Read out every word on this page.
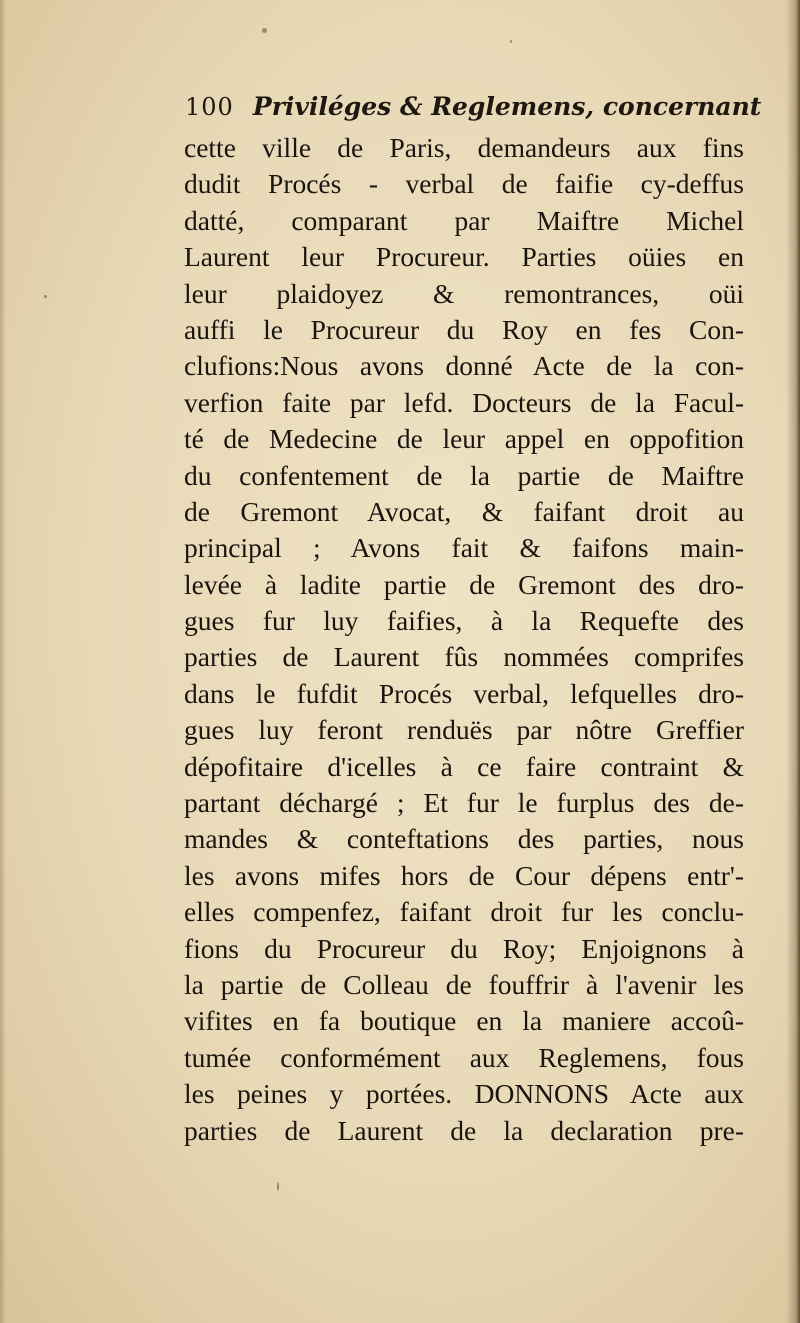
100 Priviléges & Reglemens, concernant
cette ville de Paris, demandeurs aux fins
dudit Procés - verbal de faifie cy-deffus
datté, comparant par Maiftre Michel
Laurent leur Procureur. Parties oüies en
leur plaidoyez & remontrances, oüi
auffi le Procureur du Roy en fes Con-
clufions:Nous avons donné Acte de la con-
verfion faite par lefd. Docteurs de la Facul-
té de Medecine de leur appel en oppofition
du confentement de la partie de Maiftre
de Gremont Avocat, & faifant droit au
principal ; Avons fait & faifons main-
levée à ladite partie de Gremont des dro-
gues fur luy faifies, à la Requefte des
parties de Laurent fûs nommées comprifes
dans le fufdit Procés verbal, lefquelles dro-
gues luy feront renduës par nôtre Greffier
dépofitaire d'icelles à ce faire contraint &
partant déchargé ; Et fur le furplus des de-
mandes & conteftations des parties, nous
les avons mifes hors de Cour dépens entr'-
elles compenfez, faifant droit fur les conclu-
fions du Procureur du Roy; Enjoignons à
la partie de Colleau de fouffrir à l'avenir les
vifites en fa boutique en la maniere accoû-
tumée conformément aux Reglemens, fous
les peines y portées. DONNONS Acte aux
parties de Laurent de la declaration pre-
